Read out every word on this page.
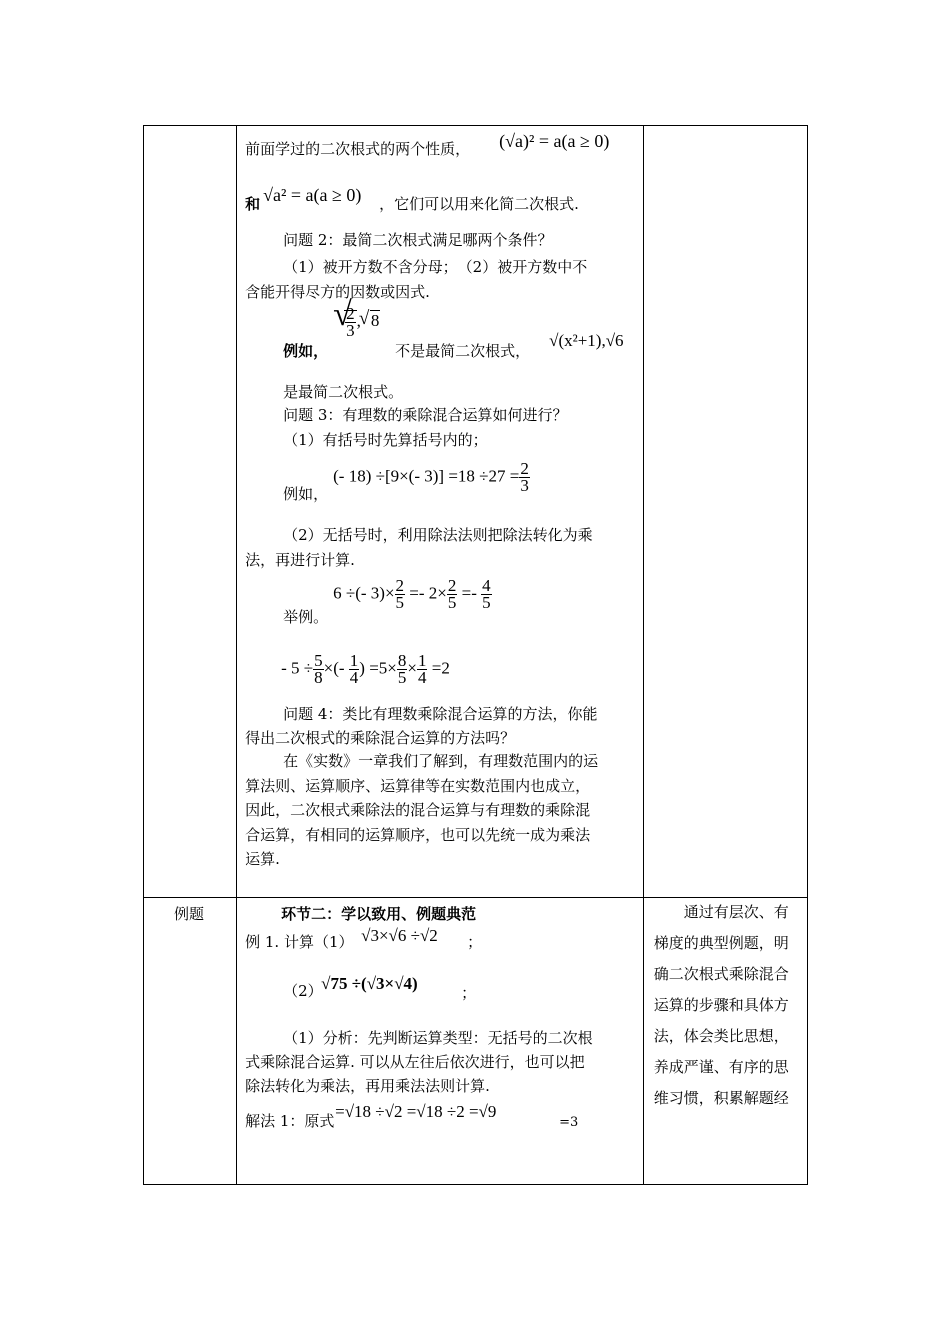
前面学过的二次根式的两个性质， (√a)² = a(a ≥ 0)
和 √a² = a(a ≥ 0) ，它们可以用来化简二次根式.
问题 2：最简二次根式满足哪两个条件？
（1）被开方数不含分母；　（2）被开方数中不
含能开得尽方的因数或因式.
例如，
√ $\frac{2}{3}$ ,√ 8
不是最简二次根式，
√(x²+1),√6
是最简二次根式。
问题 3：有理数的乘除混合运算如何进行？
（1）有括号时先算括号内的；
(- 18) ÷[9×(- $3)] =18 \div 27 = \frac{2}{3}$
例如，
（2）无括号时，利用除法法则把除法转化为乘
法，再进行计算.
6 ÷(- $3)\times \frac{2}{5} =- 2\times \frac{2}{5} =- \frac{4}{5}$
举例。
- $5 \div \frac{5}{8}$ ×(- $\frac{1}{4}$ ) $=5\times \frac{8}{5} \times \frac{1}{4} =2$
问题 4：类比有理数乘除混合运算的方法，你能
得出二次根式的乘除混合运算的方法吗？
在《实数》一章我们了解到，有理数范围内的运
算法则、运算顺序、运算律等在实数范围内也成立，
因此，二次根式乘除法的混合运算与有理数的乘除混
合运算，有相同的运算顺序，也可以先统一成为乘法
运算.

例题	环节二：学以致用、例题典范
例 1. 计算（1） √3×√6 ÷√2 ；
（2）
√75 ÷(√3×√4)	；
（1）分析：先判断运算类型：无括号的二次根
式乘除混合运算. 可以从左往后依次进行，也可以把
除法转化为乘法，再用乘法法则计算.
解法 1：原式 =√18 ÷√2 =√18 ÷2 =√9
=3

通过有层次、有梯度的典型例题，明确二次根式乘除混合运算的步骤和具体方法，体会类比思想，养成严谨、有序的思维习惯，积累解题经
